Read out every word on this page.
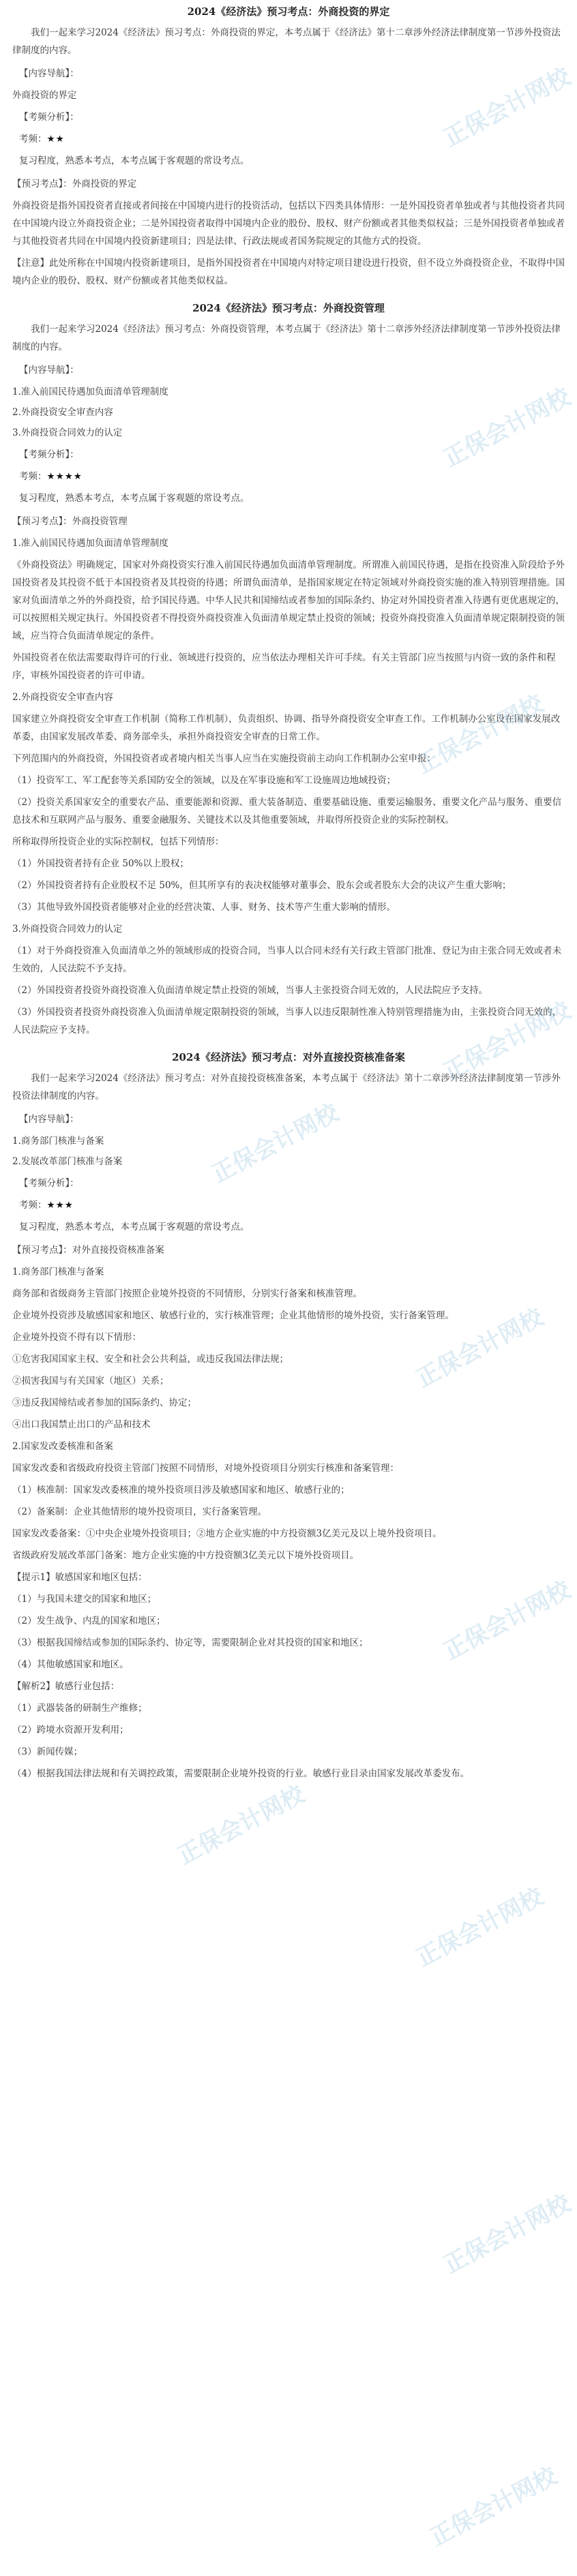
2024《经济法》预习考点：外商投资的界定

我们一起来学习2024《经济法》预习考点：外商投资的界定，本考点属于《经济法》第十二章涉外经济法律制度第一节涉外投资法律制度的内容。

【内容导航】：

外商投资的界定

【考频分析】：

考频：★★

复习程度，熟悉本考点，本考点属于客观题的常设考点。

【预习考点】：外商投资的界定

外商投资是指外国投资者直接或者间接在中国境内进行的投资活动，包括以下四类具体情形：一是外国投资者单独或者与其他投资者共同在中国境内设立外商投资企业；二是外国投资者取得中国境内企业的股份、股权、财产份额或者其他类似权益；三是外国投资者单独或者与其他投资者共同在中国境内投资新建项目；四是法律、行政法规或者国务院规定的其他方式的投资。

【注意】此处所称在中国境内投资新建项目，是指外国投资者在中国境内对特定项目建设进行投资，但不设立外商投资企业，不取得中国境内企业的股份、股权、财产份额或者其他类似权益。

2024《经济法》预习考点：外商投资管理

我们一起来学习2024《经济法》预习考点：外商投资管理，本考点属于《经济法》第十二章涉外经济法律制度第一节涉外投资法律制度的内容。

【内容导航】：

1.准入前国民待遇加负面清单管理制度

2.外商投资安全审查内容

3.外商投资合同效力的认定

【考频分析】：

考频：★★★★

复习程度，熟悉本考点，本考点属于客观题的常设考点。

【预习考点】：外商投资管理

1.准入前国民待遇加负面清单管理制度

《外商投资法》明确规定，国家对外商投资实行准入前国民待遇加负面清单管理制度。所谓准入前国民待遇，是指在投资准入阶段给予外国投资者及其投资不低于本国投资者及其投资的待遇；所谓负面清单，是指国家规定在特定领域对外商投资实施的准入特别管理措施。国家对负面清单之外的外商投资，给予国民待遇。中华人民共和国缔结或者参加的国际条约、协定对外国投资者准入待遇有更优惠规定的，可以按照相关规定执行。外国投资者不得投资外商投资准入负面清单规定禁止投资的领域；投资外商投资准入负面清单规定限制投资的领域，应当符合负面清单规定的条件。

外国投资者在依法需要取得许可的行业、领域进行投资的，应当依法办理相关许可手续。有关主管部门应当按照与内资一致的条件和程序，审核外国投资者的许可申请。

2.外商投资安全审查内容

国家建立外商投资安全审查工作机制（简称工作机制），负责组织、协调、指导外商投资安全审查工作。工作机制办公室设在国家发展改革委，由国家发展改革委、商务部牵头，承担外商投资安全审查的日常工作。

下列范围内的外商投资，外国投资者或者境内相关当事人应当在实施投资前主动向工作机制办公室申报：

（1）投资军工、军工配套等关系国防安全的领域，以及在军事设施和军工设施周边地域投资；

（2）投资关系国家安全的重要农产品、重要能源和资源、重大装备制造、重要基础设施、重要运输服务、重要文化产品与服务、重要信息技术和互联网产品与服务、重要金融服务、关键技术以及其他重要领域，并取得所投资企业的实际控制权。

所称取得所投资企业的实际控制权，包括下列情形：

（1）外国投资者持有企业 50%以上股权；

（2）外国投资者持有企业股权不足 50%，但其所享有的表决权能够对董事会、股东会或者股东大会的决议产生重大影响；

（3）其他导致外国投资者能够对企业的经营决策、人事、财务、技术等产生重大影响的情形。

3.外商投资合同效力的认定

（1）对于外商投资准入负面清单之外的领域形成的投资合同，当事人以合同未经有关行政主管部门批准、登记为由主张合同无效或者未生效的，人民法院不予支持。

（2）外国投资者投资外商投资准入负面清单规定禁止投资的领域，当事人主张投资合同无效的，人民法院应予支持。

（3）外国投资者投资外商投资准入负面清单规定限制投资的领域，当事人以违反限制性准入特别管理措施为由，主张投资合同无效的，人民法院应予支持。

2024《经济法》预习考点：对外直接投资核准备案

我们一起来学习2024《经济法》预习考点：对外直接投资核准备案，本考点属于《经济法》第十二章涉外经济法律制度第一节涉外投资法律制度的内容。

【内容导航】：

1.商务部门核准与备案

2.发展改革部门核准与备案

【考频分析】：

考频：★★★

复习程度，熟悉本考点，本考点属于客观题的常设考点。

【预习考点】：对外直接投资核准备案

1.商务部门核准与备案

商务部和省级商务主管部门按照企业境外投资的不同情形，分别实行备案和核准管理。

企业境外投资涉及敏感国家和地区、敏感行业的，实行核准管理；企业其他情形的境外投资，实行备案管理。

企业境外投资不得有以下情形：

①危害我国国家主权、安全和社会公共利益，或违反我国法律法规；

②损害我国与有关国家（地区）关系；

③违反我国缔结或者参加的国际条约、协定；

④出口我国禁止出口的产品和技术

2.国家发改委核准和备案

国家发改委和省级政府投资主管部门按照不同情形，对境外投资项目分别实行核准和备案管理：

（1）核准制：国家发改委核准的境外投资项目涉及敏感国家和地区、敏感行业的；

（2）备案制：企业其他情形的境外投资项目，实行备案管理。

国家发改委备案：①中央企业境外投资项目；②地方企业实施的中方投资额3亿美元及以上境外投资项目。

省级政府发展改革部门备案：地方企业实施的中方投资额3亿美元以下境外投资项目。

【提示1】敏感国家和地区包括：

（1）与我国未建交的国家和地区；

（2）发生战争、内乱的国家和地区；

（3）根据我国缔结或参加的国际条约、协定等，需要限制企业对其投资的国家和地区；

（4）其他敏感国家和地区。

【解析2】敏感行业包括：

（1）武器装备的研制生产维修；

（2）跨境水资源开发利用；

（3）新闻传媒；

（4）根据我国法律法规和有关调控政策，需要限制企业境外投资的行业。敏感行业目录由国家发展改革委发布。

正保会计网校
正保会计网校
正保会计网校
正保会计网校
正保会计网校
正保会计网校
正保会计网校
正保会计网校
正保会计网校
正保会计网校
正保会计网校
